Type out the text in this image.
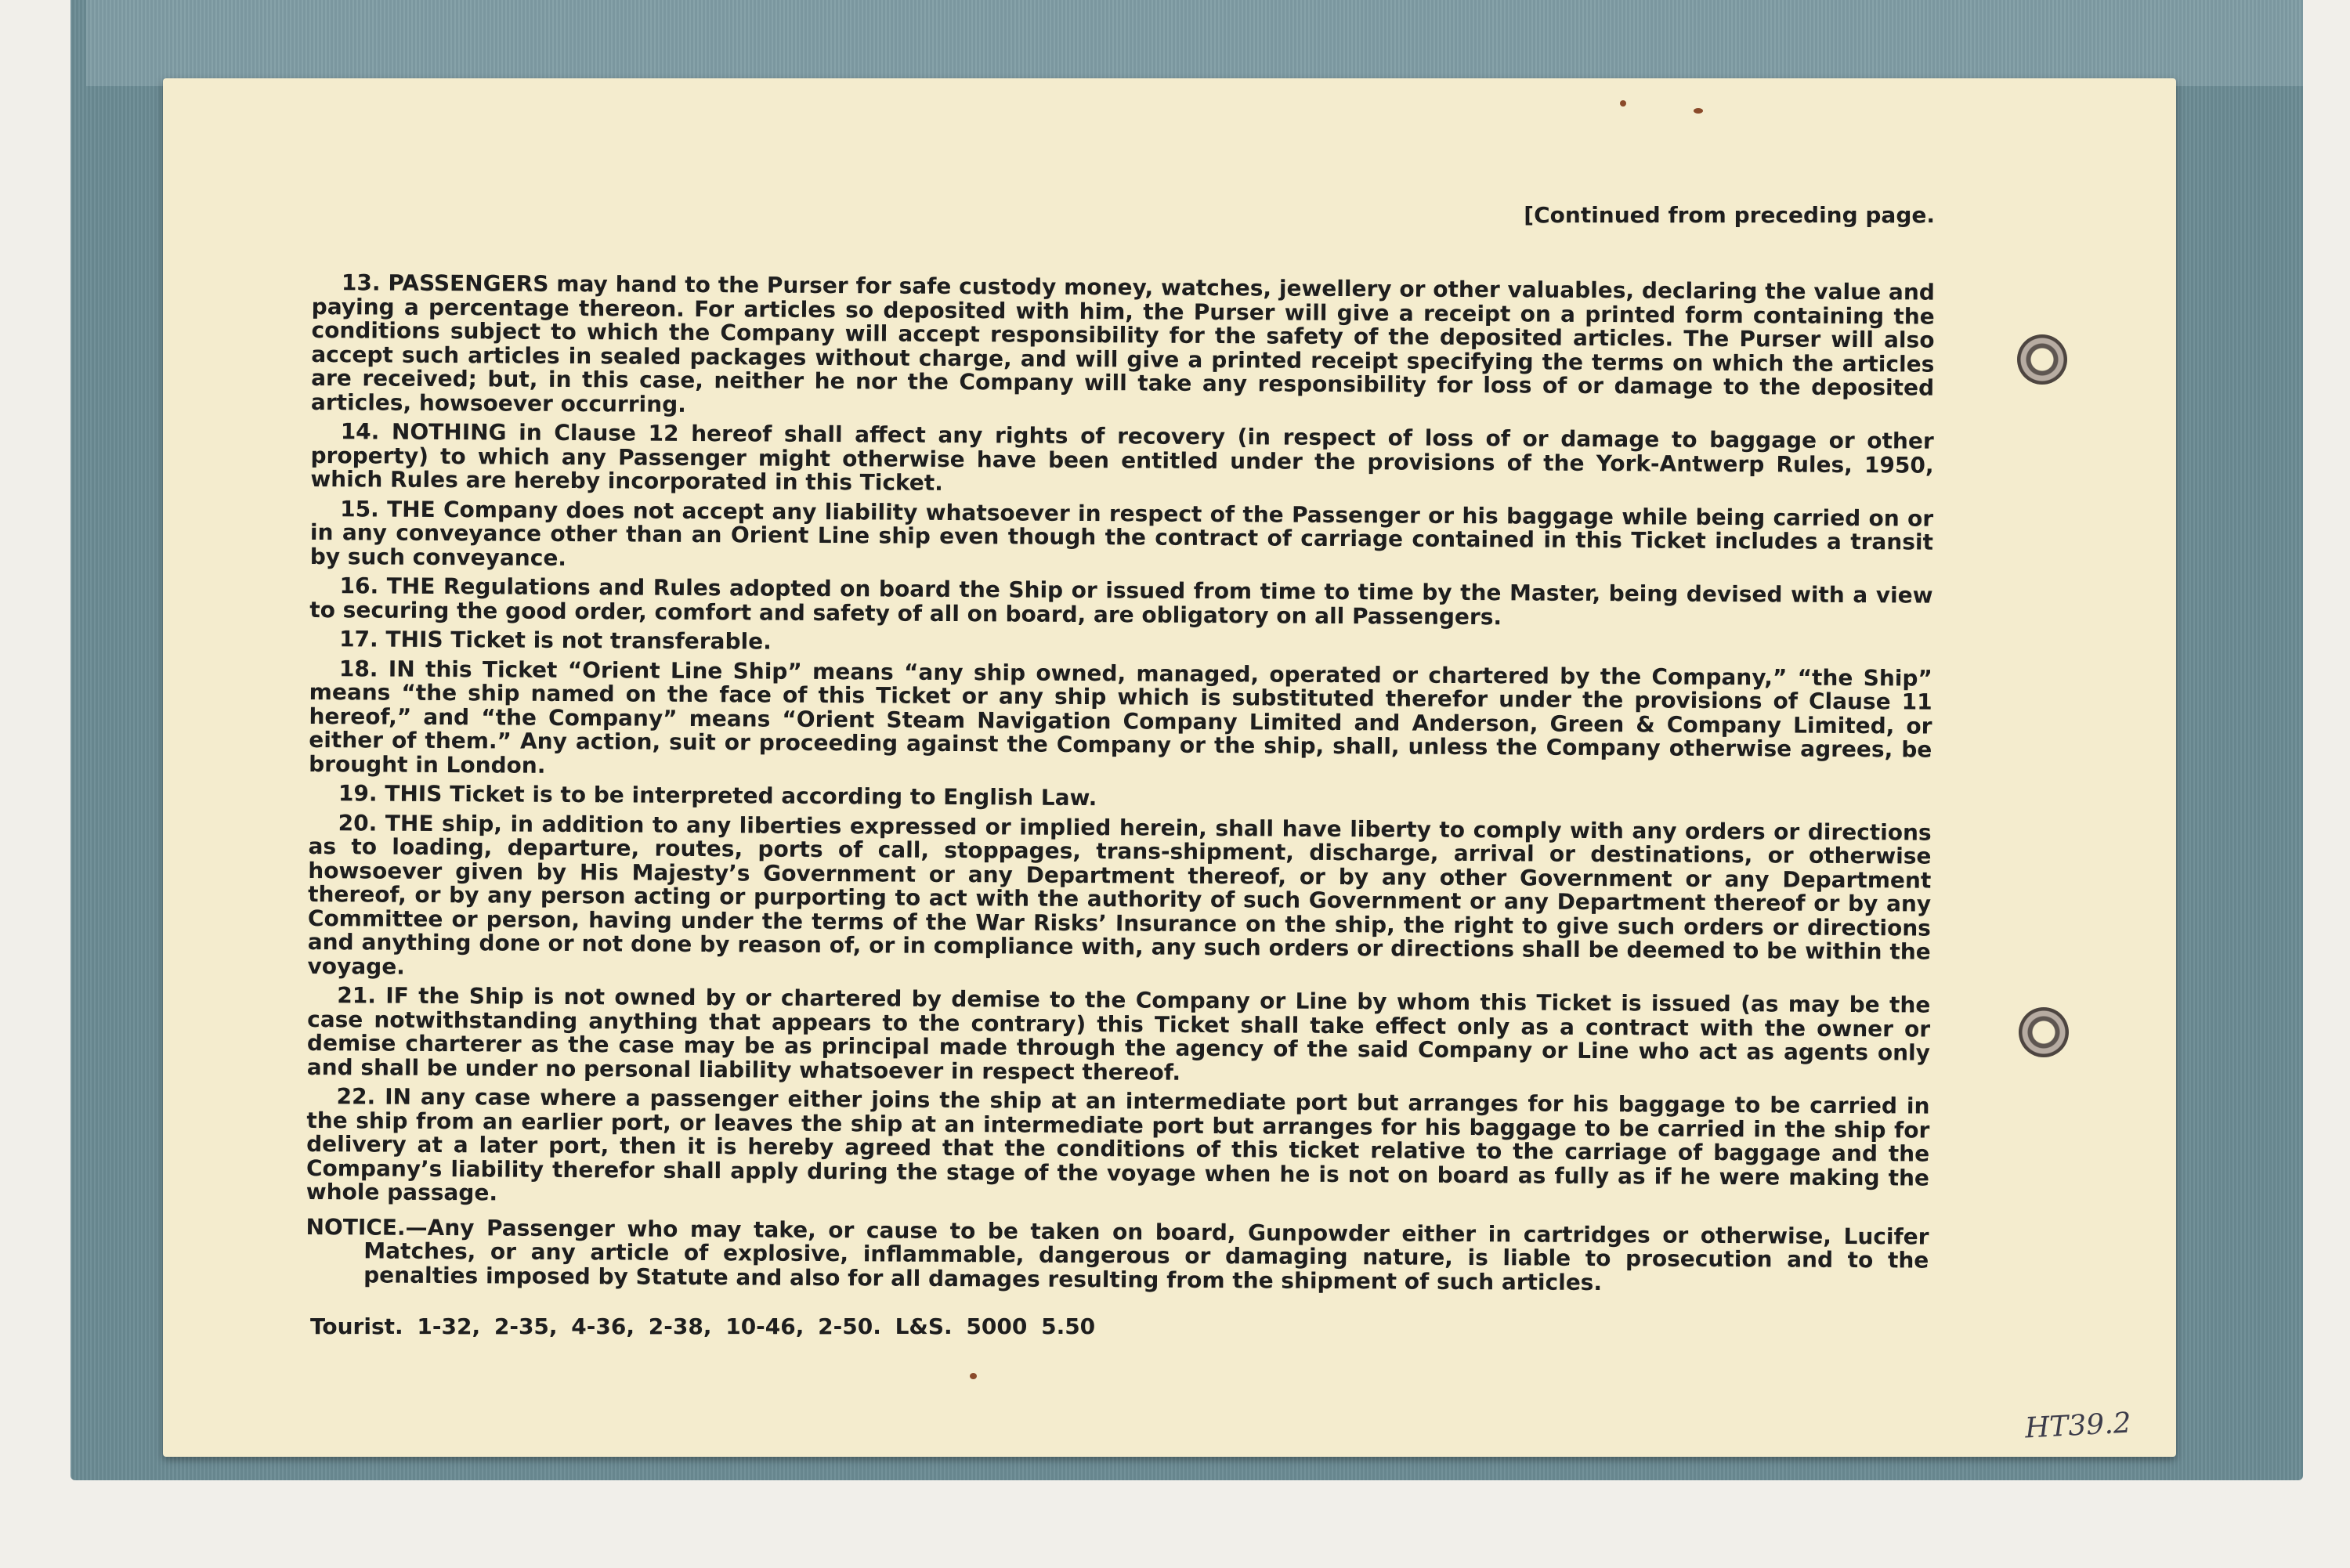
[Continued from preceding page.

13. PASSENGERS may hand to the Purser for safe custody money, watches, jewellery or other valuables, declaring the value and paying a percentage thereon. For articles so deposited with him, the Purser will give a receipt on a printed form containing the conditions subject to which the Company will accept responsibility for the safety of the deposited articles. The Purser will also accept such articles in sealed packages without charge, and will give a printed receipt specifying the terms on which the articles are received; but, in this case, neither he nor the Company will take any responsibility for loss of or damage to the deposited articles, howsoever occurring.

14. NOTHING in Clause 12 hereof shall affect any rights of recovery (in respect of loss of or damage to baggage or other property) to which any Passenger might otherwise have been entitled under the provisions of the York-Antwerp Rules, 1950, which Rules are hereby incorporated in this Ticket.

15. THE Company does not accept any liability whatsoever in respect of the Passenger or his baggage while being carried on or in any conveyance other than an Orient Line ship even though the contract of carriage contained in this Ticket includes a transit by such conveyance.

16. THE Regulations and Rules adopted on board the Ship or issued from time to time by the Master, being devised with a view to securing the good order, comfort and safety of all on board, are obligatory on all Passengers.

17. THIS Ticket is not transferable.

18. IN this Ticket “Orient Line Ship” means “any ship owned, managed, operated or chartered by the Company,” “the Ship” means “the ship named on the face of this Ticket or any ship which is substituted therefor under the provisions of Clause 11 hereof,” and “the Company” means “Orient Steam Navigation Company Limited and Anderson, Green & Company Limited, or either of them.” Any action, suit or proceeding against the Company or the ship, shall, unless the Company otherwise agrees, be brought in London.

19. THIS Ticket is to be interpreted according to English Law.

20. THE ship, in addition to any liberties expressed or implied herein, shall have liberty to comply with any orders or directions as to loading, departure, routes, ports of call, stoppages, trans-shipment, discharge, arrival or destinations, or otherwise howsoever given by His Majesty’s Government or any Department thereof, or by any other Government or any Department thereof, or by any person acting or purporting to act with the authority of such Government or any Department thereof or by any Committee or person, having under the terms of the War Risks’ Insurance on the ship, the right to give such orders or directions and anything done or not done by reason of, or in compliance with, any such orders or directions shall be deemed to be within the voyage.

21. IF the Ship is not owned by or chartered by demise to the Company or Line by whom this Ticket is issued (as may be the case notwithstanding anything that appears to the contrary) this Ticket shall take effect only as a contract with the owner or demise charterer as the case may be as principal made through the agency of the said Company or Line who act as agents only and shall be under no personal liability whatsoever in respect thereof.

22. IN any case where a passenger either joins the ship at an intermediate port but arranges for his baggage to be carried in the ship from an earlier port, or leaves the ship at an intermediate port but arranges for his baggage to be carried in the ship for delivery at a later port, then it is hereby agreed that the conditions of this ticket relative to the carriage of baggage and the Company’s liability therefor shall apply during the stage of the voyage when he is not on board as fully as if he were making the whole passage.

NOTICE.—Any Passenger who may take, or cause to be taken on board, Gunpowder either in cartridges or otherwise, Lucifer Matches, or any article of explosive, inflammable, dangerous or damaging nature, is liable to prosecution and to the penalties imposed by Statute and also for all damages resulting from the shipment of such articles.

Tourist. 1-32, 2-35, 4-36, 2-38, 10-46, 2-50. L&S. 5000 5.50
HT39.2
